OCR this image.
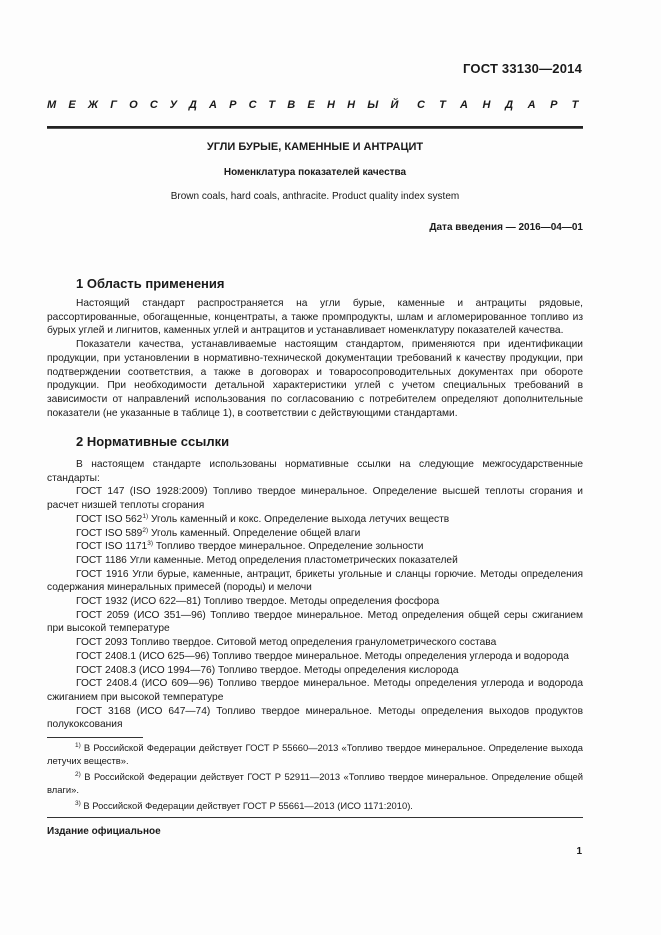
ГОСТ 33130—2014
МЕЖГОСУДАРСТВЕННЫЙ СТАНДАРТ
УГЛИ БУРЫЕ, КАМЕННЫЕ И АНТРАЦИТ
Номенклатура показателей качества
Brown coals, hard coals, anthracite. Product quality index system
Дата введения — 2016—04—01
1 Область применения

Настоящий стандарт распространяется на угли бурые, каменные и антрациты рядовые, рассортированные, обогащенные, концентраты, а также промпродукты, шлам и агломерированное топливо из бурых углей и лигнитов, каменных углей и антрацитов и устанавливает номенклатуру показателей качества.

Показатели качества, устанавливаемые настоящим стандартом, применяются при идентификации продукции, при установлении в нормативно-технической документации требований к качеству продукции, при подтверждении соответствия, а также в договорах и товаросопроводительных документах при обороте продукции. При необходимости детальной характеристики углей с учетом специальных требований в зависимости от направлений использования по согласованию с потребителем определяют дополнительные показатели (не указанные в таблице 1), в соответствии с действующими стандартами.

2 Нормативные ссылки

В настоящем стандарте использованы нормативные ссылки на следующие межгосударственные стандарты:

ГОСТ 147 (ISO 1928:2009) Топливо твердое минеральное. Определение высшей теплоты сгорания и расчет низшей теплоты сгорания

ГОСТ ISO 562$^{1)}$ Уголь каменный и кокс. Определение выхода летучих веществ

ГОСТ ISO 589$^{2)}$ Уголь каменный. Определение общей влаги

ГОСТ ISO 1171$^{3)}$ Топливо твердое минеральное. Определение зольности

ГОСТ 1186 Угли каменные. Метод определения пластометрических показателей

ГОСТ 1916 Угли бурые, каменные, антрацит, брикеты угольные и сланцы горючие. Методы определения содержания минеральных примесей (породы) и мелочи

ГОСТ 1932 (ИСО 622—81) Топливо твердое. Методы определения фосфора

ГОСТ 2059 (ИСО 351—96) Топливо твердое минеральное. Метод определения общей серы сжиганием при высокой температуре

ГОСТ 2093 Топливо твердое. Ситовой метод определения гранулометрического состава

ГОСТ 2408.1 (ИСО 625—96) Топливо твердое минеральное. Методы определения углерода и водорода

ГОСТ 2408.3 (ИСО 1994—76) Топливо твердое. Методы определения кислорода

ГОСТ 2408.4 (ИСО 609—96) Топливо твердое минеральное. Методы определения углерода и водорода сжиганием при высокой температуре

ГОСТ 3168 (ИСО 647—74) Топливо твердое минеральное. Методы определения выходов продуктов полукоксования

$^{1)}$ В Российской Федерации действует ГОСТ Р 55660—2013 «Топливо твердое минеральное. Определение выхода летучих веществ».

$^{2)}$ В Российской Федерации действует ГОСТ Р 52911—2013 «Топливо твердое минеральное. Определение общей влаги».

$^{3)}$ В Российской Федерации действует ГОСТ Р 55661—2013 (ИСО 1171:2010).

Издание официальное
1
